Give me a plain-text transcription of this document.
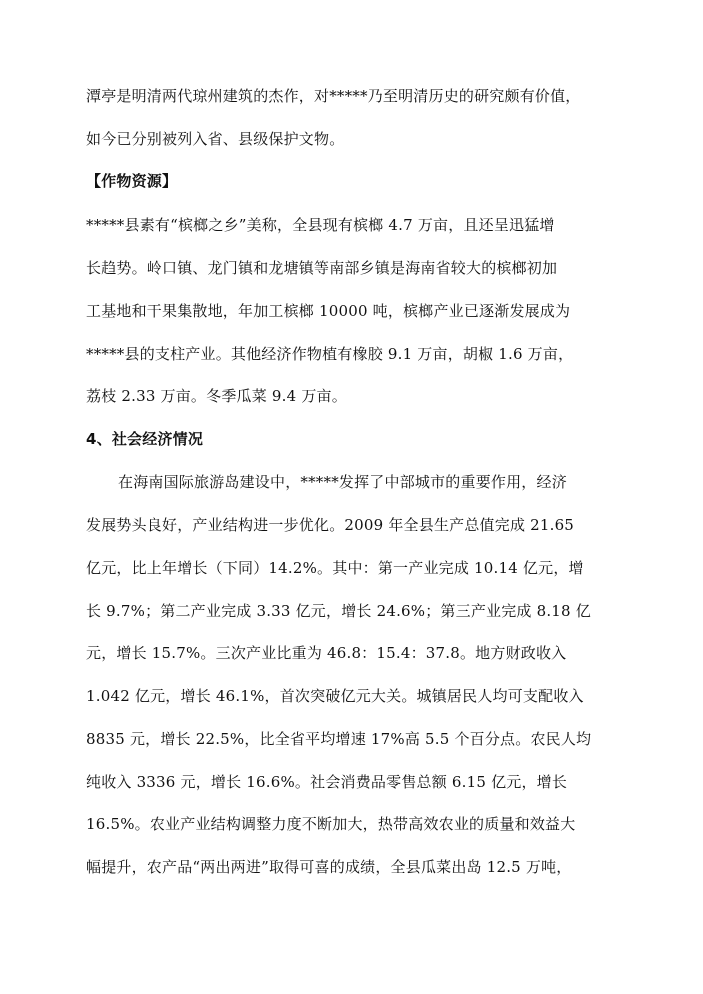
潭亭是明清两代琼州建筑的杰作，对*****乃至明清历史的研究颇有价值，
如今已分别被列入省、县级保护文物。
【作物资源】
*****县素有“槟榔之乡”美称，全县现有槟榔 4.7 万亩，且还呈迅猛增
长趋势。岭口镇、龙门镇和龙塘镇等南部乡镇是海南省较大的槟榔初加
工基地和干果集散地，年加工槟榔 10000 吨，槟榔产业已逐渐发展成为
*****县的支柱产业。其他经济作物植有橡胶 9.1 万亩，胡椒 1.6 万亩，
荔枝 2.33 万亩。冬季瓜菜 9.4 万亩。
4、社会经济情况
在海南国际旅游岛建设中，*****发挥了中部城市的重要作用，经济
发展势头良好，产业结构进一步优化。2009 年全县生产总值完成 21.65
亿元，比上年增长（下同）14.2%。其中：第一产业完成 10.14 亿元，增
长 9.7%；第二产业完成 3.33 亿元，增长 24.6%；第三产业完成 8.18 亿
元，增长 15.7%。三次产业比重为 46.8：15.4：37.8。地方财政收入
1.042 亿元，增长 46.1%，首次突破亿元大关。城镇居民人均可支配收入
8835 元，增长 22.5%，比全省平均增速 17%高 5.5 个百分点。农民人均
纯收入 3336 元，增长 16.6%。社会消费品零售总额 6.15 亿元，增长
16.5%。农业产业结构调整力度不断加大，热带高效农业的质量和效益大
幅提升，农产品“两出两进”取得可喜的成绩，全县瓜菜出岛 12.5 万吨，
